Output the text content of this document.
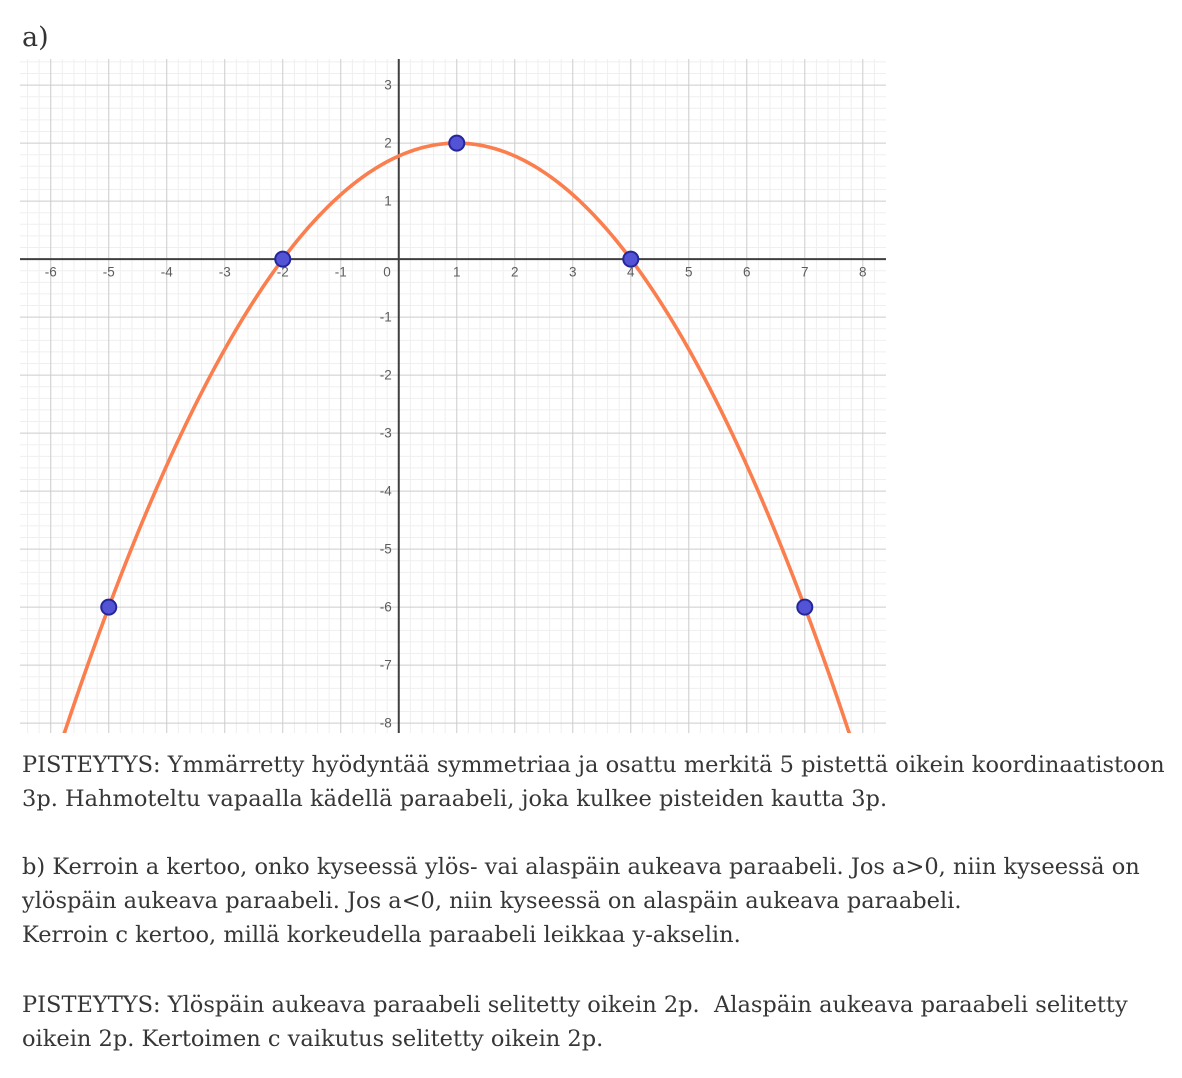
a)
-6	-5	-4	-3	-2	-1	0	1	2	3	4	5	6	7	8
3
2
1
-1
-2
-3
-4
-5
-6
-7
-8
PISTEYTYS: Ymmärretty hyödyntää symmetriaa ja osattu merkitä 5 pistettä oikein koordinaatistoon
3p. Hahmoteltu vapaalla kädellä paraabeli, joka kulkee pisteiden kautta 3p.
b) Kerroin a kertoo, onko kyseessä ylös- vai alaspäin aukeava paraabeli. Jos a>0, niin kyseessä on
ylöspäin aukeava paraabeli. Jos a<0, niin kyseessä on alaspäin aukeava paraabeli.
Kerroin c kertoo, millä korkeudella paraabeli leikkaa y-akselin.
PISTEYTYS: Ylöspäin aukeava paraabeli selitetty oikein 2p.  Alaspäin aukeava paraabeli selitetty
oikein 2p. Kertoimen c vaikutus selitetty oikein 2p.
